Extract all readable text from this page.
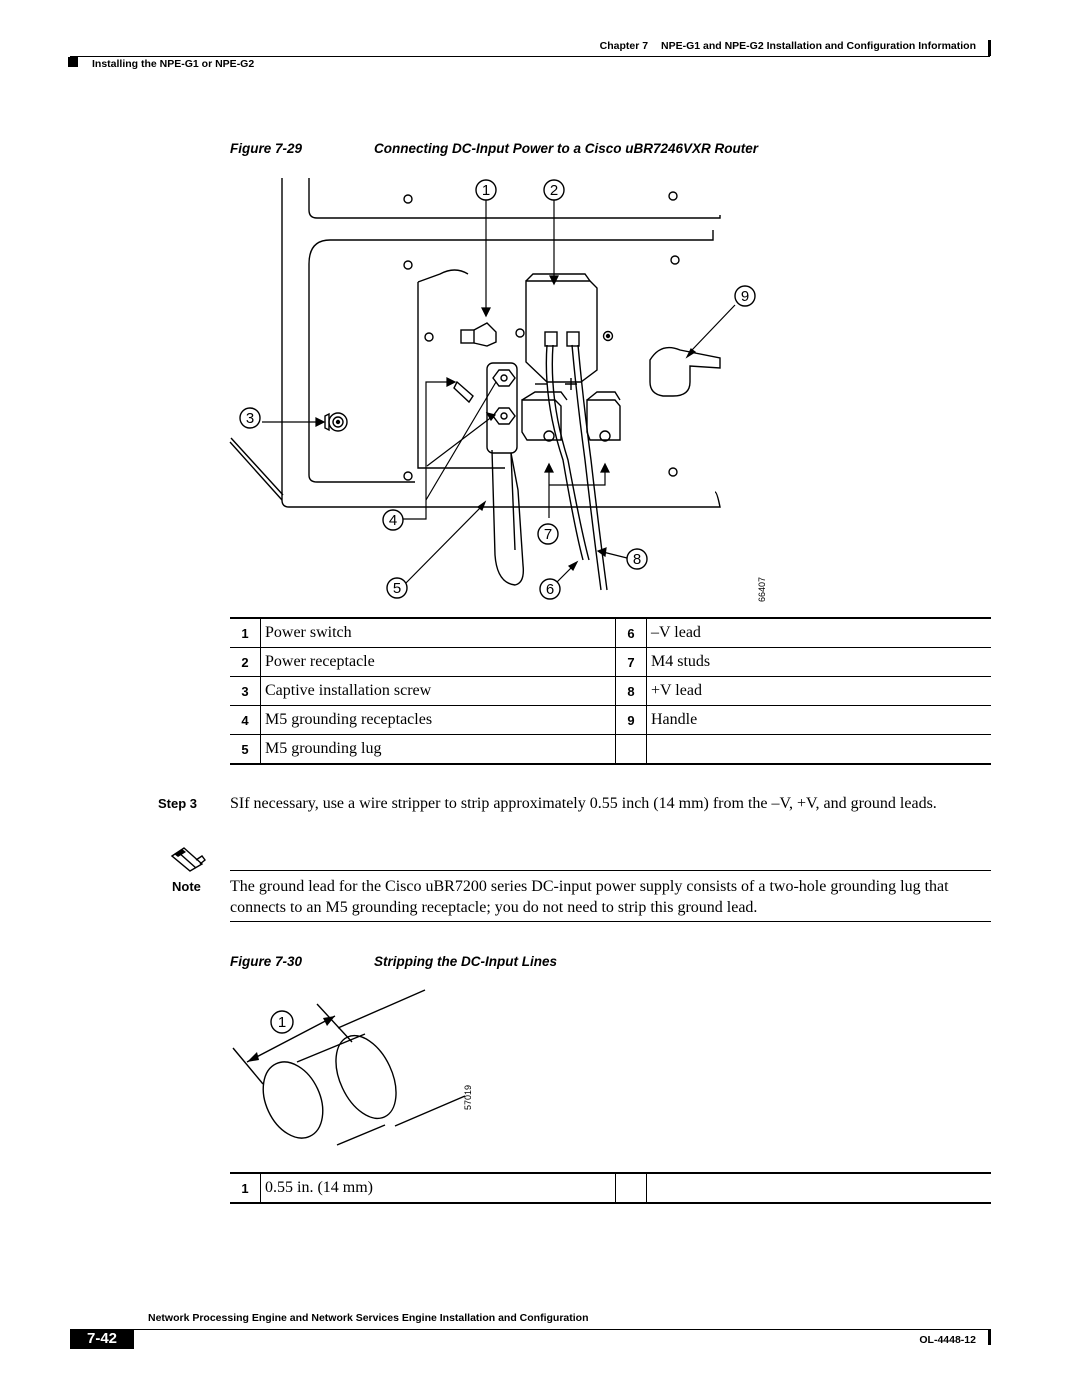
Chapter 7 NPE-G1 and NPE-G2 Installation and Configuration Information
Installing the NPE-G1 or NPE-G2
Figure 7-29	Connecting DC-Input Power to a Cisco uBR7246VXR Router
1	2
3
4
5	6
7
8
9
66407
1	Power switch	6	–V lead
2	Power receptacle	7	M4 studs
3	Captive installation screw	8	+V lead
4	M5 grounding receptacles	9	Handle
5	M5 grounding lug		
Step 3 SIf necessary, use a wire stripper to strip approximately 0.55 inch (14 mm) from the –V, +V, and ground leads.
Note The ground lead for the Cisco uBR7200 series DC-input power supply consists of a two-hole grounding lug that connects to an M5 grounding receptacle; you do not need to strip this ground lead.
Figure 7-30	Stripping the DC-Input Lines
1
57019
1	0.55 in. (14 mm)		
Network Processing Engine and Network Services Engine Installation and Configuration
7-42	OL-4448-12
